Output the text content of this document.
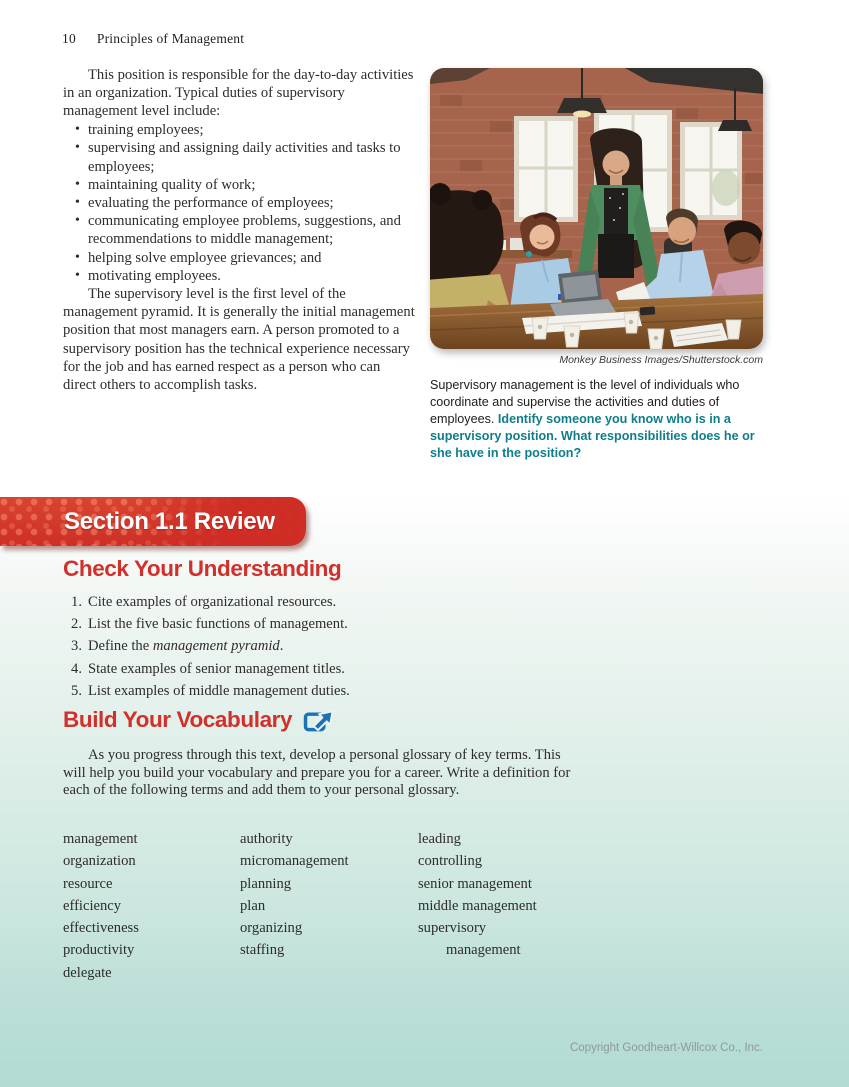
10 Principles of Management

This position is responsible for the day-to-day activities in an organization. Typical duties of supervisory management level include:

• training employees;
• supervising and assigning daily activities and tasks to employees;
• maintaining quality of work;
• evaluating the performance of employees;
• communicating employee problems, suggestions, and recommendations to middle management;
• helping solve employee grievances; and
• motivating employees.

The supervisory level is the first level of the management pyramid. It is generally the initial management position that most managers earn. A person promoted to a supervisory position has the technical experience necessary for the job and has earned respect as a person who can direct others to accomplish tasks.

Monkey Business Images/Shutterstock.com
Supervisory management is the level of individuals who coordinate and supervise the activities and duties of employees. Identify someone you know who is in a supervisory position. What responsibilities does he or she have in the position?
Section 1.1 Review
Check Your Understanding
1. Cite examples of organizational resources.
2. List the five basic functions of management.
3. Define the management pyramid.
4. State examples of senior management titles.
5. List examples of middle management duties.
Build Your Vocabulary

As you progress through this text, develop a personal glossary of key terms. This will help you build your vocabulary and prepare you for a career. Write a definition for each of the following terms and add them to your personal glossary.

management
organization
resource
efficiency
effectiveness
productivity
delegate
authority
micromanagement
planning
plan
organizing
staffing
leading
controlling
senior management
middle management
supervisory management
Copyright Goodheart-Willcox Co., Inc.
